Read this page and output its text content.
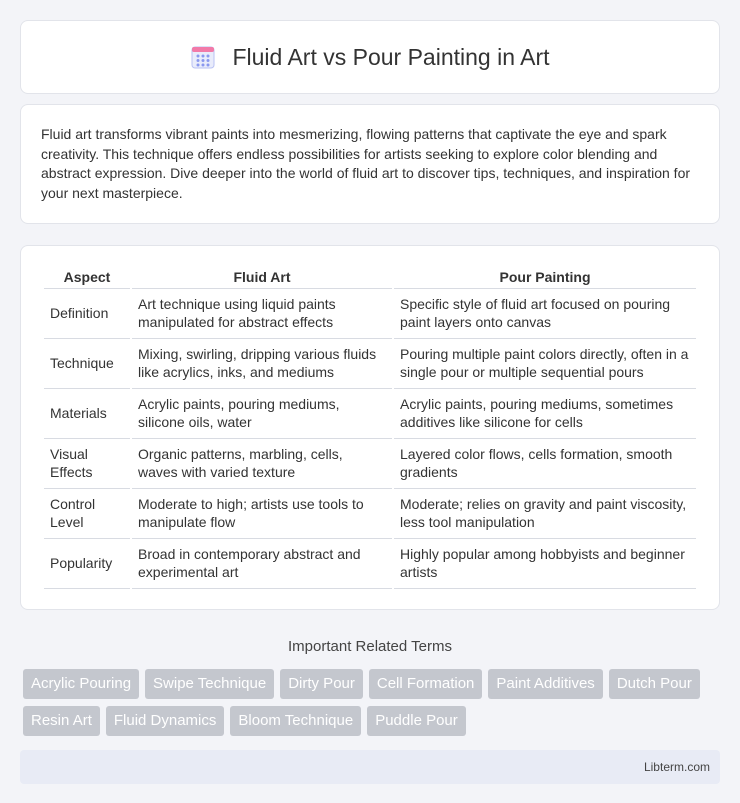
Fluid Art vs Pour Painting in Art

Fluid art transforms vibrant paints into mesmerizing, flowing patterns that captivate the eye and spark creativity. This technique offers endless possibilities for artists seeking to explore color blending and abstract expression. Dive deeper into the world of fluid art to discover tips, techniques, and inspiration for your next masterpiece.

Aspect	Fluid Art	Pour Painting
Definition	Art technique using liquid paints manipulated for abstract effects	Specific style of fluid art focused on pouring paint layers onto canvas
Technique	Mixing, swirling, dripping various fluids like acrylics, inks, and mediums	Pouring multiple paint colors directly, often in a single pour or multiple sequential pours
Materials	Acrylic paints, pouring mediums, silicone oils, water	Acrylic paints, pouring mediums, sometimes additives like silicone for cells
Visual Effects	Organic patterns, marbling, cells, waves with varied texture	Layered color flows, cells formation, smooth gradients
Control Level	Moderate to high; artists use tools to manipulate flow	Moderate; relies on gravity and paint viscosity, less tool manipulation
Popularity	Broad in contemporary abstract and experimental art	Highly popular among hobbyists and beginner artists
Important Related Terms
Acrylic Pouring	Swipe Technique	Dirty Pour	Cell Formation	Paint Additives	Dutch Pour
Resin Art	Fluid Dynamics	Bloom Technique	Puddle Pour
Libterm.com
